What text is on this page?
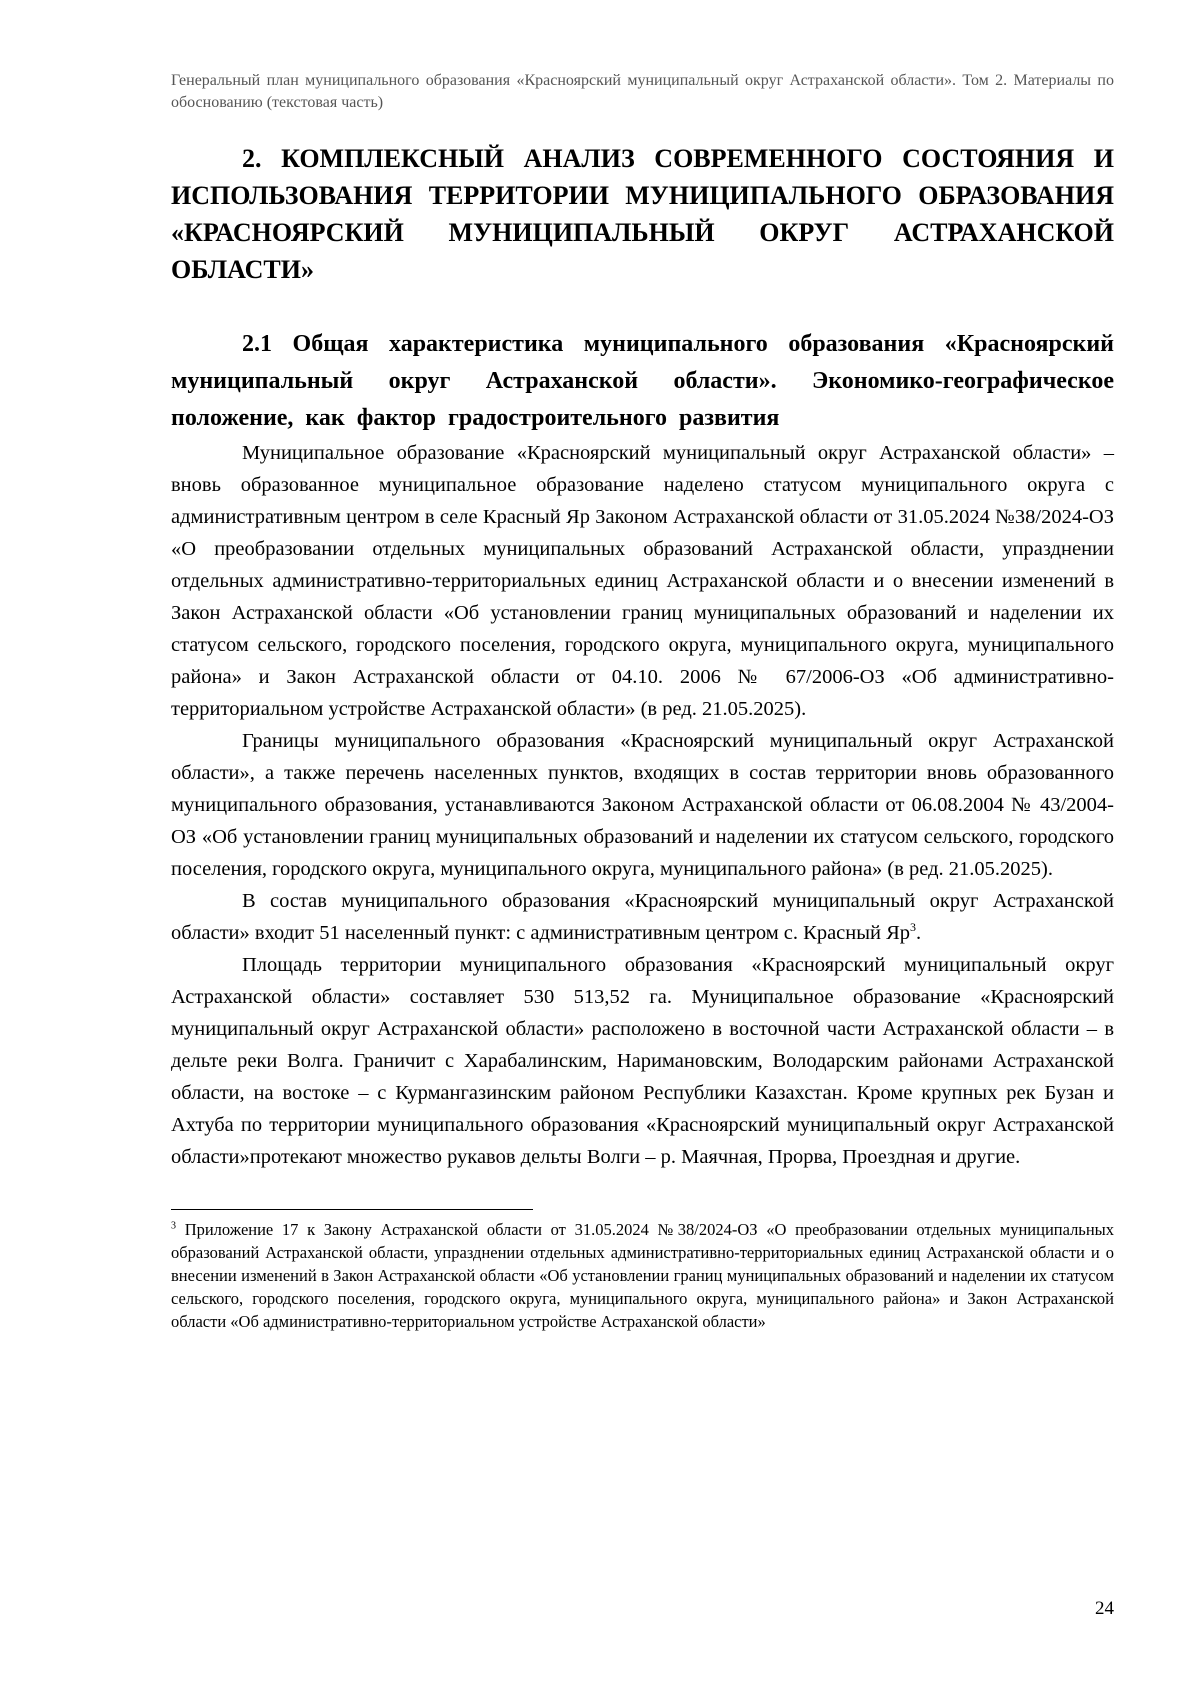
Генеральный план муниципального образования «Красноярский муниципальный округ Астраханской области». Том 2. Материалы по обоснованию (текстовая часть)
2. КОМПЛЕКСНЫЙ АНАЛИЗ СОВРЕМЕННОГО СОСТОЯНИЯ И ИСПОЛЬЗОВАНИЯ ТЕРРИТОРИИ МУНИЦИПАЛЬНОГО ОБРАЗОВАНИЯ «КРАСНОЯРСКИЙ МУНИЦИПАЛЬНЫЙ ОКРУГ АСТРАХАНСКОЙ ОБЛАСТИ»
2.1 Общая характеристика муниципального образования «Красноярский муниципальный округ Астраханской области». Экономико-географическое положение, как фактор градостроительного развития

Муниципальное образование «Красноярский муниципальный округ Астраханской области» – вновь образованное муниципальное образование наделено статусом муниципального округа с административным центром в селе Красный Яр Законом Астраханской области от 31.05.2024 №38/2024-ОЗ «О преобразовании отдельных муниципальных образований Астраханской области, упразднении отдельных административно-территориальных единиц Астраханской области и о внесении изменений в Закон Астраханской области «Об установлении границ муниципальных образований и наделении их статусом сельского, городского поселения, городского округа, муниципального округа, муниципального района» и Закон Астраханской области от 04.10. 2006 № 67/2006-ОЗ «Об административно-территориальном устройстве Астраханской области» (в ред. 21.05.2025).

Границы муниципального образования «Красноярский муниципальный округ Астраханской области», а также перечень населенных пунктов, входящих в состав территории вновь образованного муниципального образования, устанавливаются Законом Астраханской области от 06.08.2004 № 43/2004-ОЗ «Об установлении границ муниципальных образований и наделении их статусом сельского, городского поселения, городского округа, муниципального округа, муниципального района» (в ред. 21.05.2025).

В состав муниципального образования «Красноярский муниципальный округ Астраханской области» входит 51 населенный пункт: с административным центром с. Красный $Яр^3$.

Площадь территории муниципального образования «Красноярский муниципальный округ Астраханской области» составляет 530 513,52 га. Муниципальное образование «Красноярский муниципальный округ Астраханской области» расположено в восточной части Астраханской области – в дельте реки Волга. Граничит с Харабалинским, Наримановским, Володарским районами Астраханской области, на востоке – с Курмангазинским районом Республики Казахстан. Кроме крупных рек Бузан и Ахтуба по территории муниципального образования «Красноярский муниципальный округ Астраханской области»протекают множество рукавов дельты Волги – р. Маячная, Прорва, Проездная и другие.

$^3$ Приложение 17 к Закону Астраханской области от 31.05.2024 №38/2024-ОЗ «О преобразовании отдельных муниципальных образований Астраханской области, упразднении отдельных административно-территориальных единиц Астраханской области и о внесении изменений в Закон Астраханской области «Об установлении границ муниципальных образований и наделении их статусом сельского, городского поселения, городского округа, муниципального округа, муниципального района» и Закон Астраханской области «Об административно-территориальном устройстве Астраханской области»
24
